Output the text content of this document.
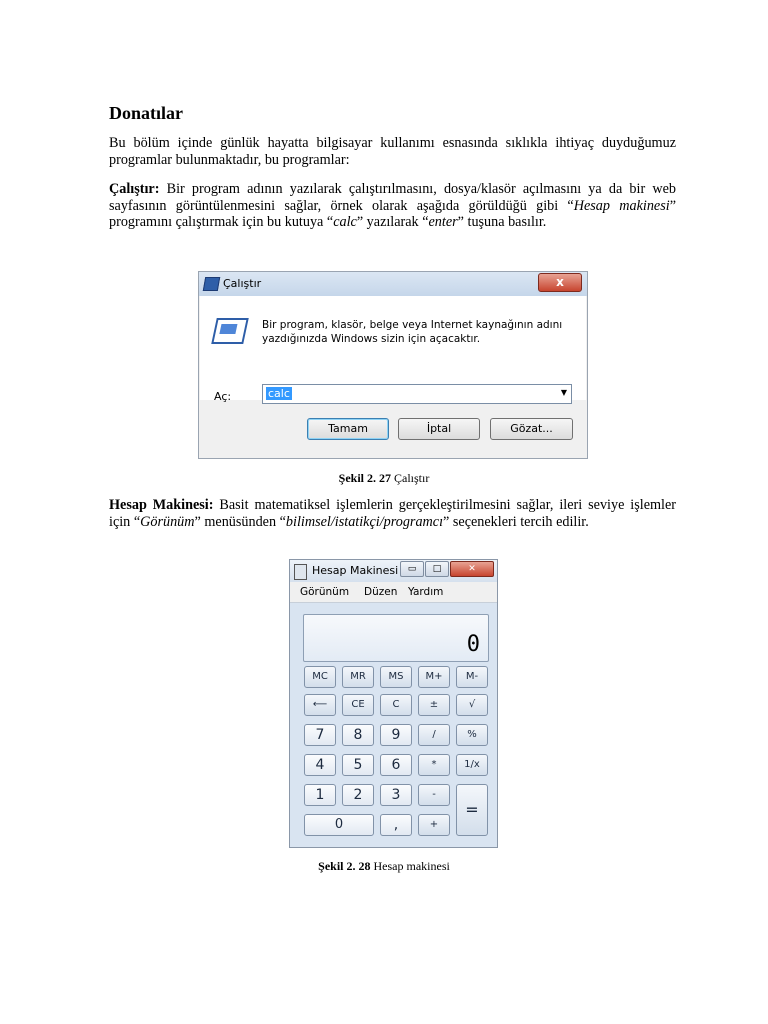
Donatılar
Bu bölüm içinde günlük hayatta bilgisayar kullanımı esnasında sıklıkla ihtiyaç duyduğumuz programlar bulunmaktadır, bu programlar:
Çalıştır: Bir program adının yazılarak çalıştırılmasını, dosya/klasör açılmasını ya da bir web sayfasının görüntülenmesini sağlar, örnek olarak aşağıda görüldüğü gibi “Hesap makinesi” programını çalıştırmak için bu kutuya “calc” yazılarak “enter” tuşuna basılır.
Çalıştır	x
Bir program, klasör, belge veya Internet kaynağının adını
yazdığınızda Windows sizin için açacaktır.
Aç:	calc	▼
Tamam	İptal	Gözat...
Şekil 2. 27 Çalıştır
Hesap Makinesi: Basit matematiksel işlemlerin gerçekleştirilmesini sağlar, ileri seviye işlemler için “Görünüm” menüsünden “bilimsel/istatikçi/programcı” seçenekleri tercih edilir.
Hesap Makinesi	▭	□	✕
Görünüm Düzen Yardım
0
MC	MR	MS	M+	M-
⟵	CE	C	±	√
7	8	9	/	%
4	5	6	*	1/x
1	2	3	-
=
0	,	+
Şekil 2. 28 Hesap makinesi
